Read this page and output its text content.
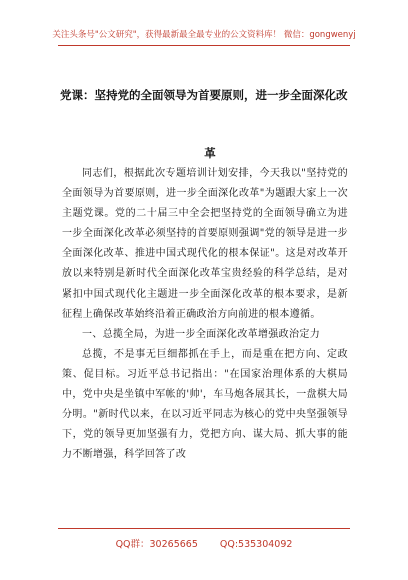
关注头条号"公文研究"，获得最新最全最专业的公文资料库！ 微信：gongwenyj
党课：坚持党的全面领导为首要原则，进一步全面深化改
革

同志们，根据此次专题培训计划安排，今天我以"坚持党的全面领导为首要原则，进一步全面深化改革"为题跟大家上一次主题党课。党的二十届三中全会把坚持党的全面领导确立为进一步全面深化改革必须坚持的首要原则强调"党的领导是进一步全面深化改革、推进中国式现代化的根本保证"。这是对改革开放以来特别是新时代全面深化改革宝贵经验的科学总结，是对紧扣中国式现代化主题进一步全面深化改革的根本要求，是新征程上确保改革始终沿着正确政治方向前进的根本遵循。

一、总揽全局，为进一步全面深化改革增强政治定力

总揽，不是事无巨细都抓在手上，而是重在把方向、定政策、促目标。习近平总书记指出："在国家治理体系的大棋局中，党中央是坐镇中军帐的'帅'，车马炮各展其长，一盘棋大局分明。"新时代以来，在以习近平同志为核心的党中央坚强领导下，党的领导更加坚强有力，党把方向、谋大局、抓大事的能力不断增强，科学回答了改

QQ群：30265665 QQ:535304092
